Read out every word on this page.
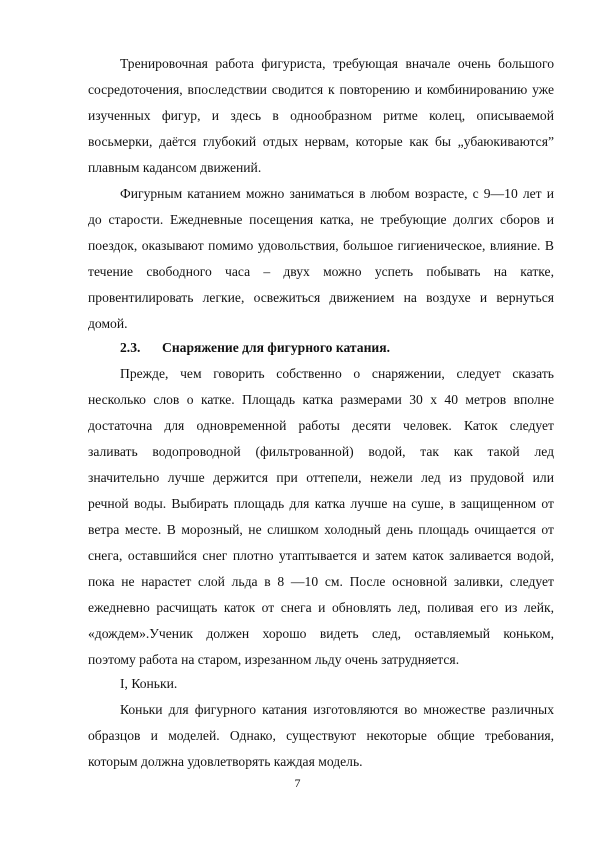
Тренировочная работа фигуриста, требующая вначале очень большого
сосредоточения, впоследствии сводится к повторению и комбинированию уже
изученных фигур, и здесь в однообразном ритме колец, описываемой
восьмерки, даётся глубокий отдых нервам, которые как бы „убаюкиваются”
плавным кадансом движений.
Фигурным катанием можно заниматься в любом возрасте, с 9—10 лет и
до старости. Ежедневные посещения катка, не требующие долгих сборов и
поездок, оказывают помимо удовольствия, большое гигиеническое, влияние. В
течение свободного часа – двух можно успеть побывать на катке,
провентилировать легкие, освежиться движением на воздухе и вернуться
домой.
2.3. Снаряжение для фигурного катания.
Прежде, чем говорить собственно о снаряжении, следует сказать
несколько слов о катке. Площадь катка размерами 30 х 40 метров вполне
достаточна для одновременной работы десяти человек. Каток следует
заливать водопроводной (фильтрованной) водой, так как такой лед
значительно лучше держится при оттепели, нежели лед из прудовой или
речной воды. Выбирать площадь для катка лучше на суше, в защищенном от
ветра месте. В морозный, не слишком холодный день площадь очищается от
снега, оставшийся снег плотно утаптывается и затем каток заливается водой,
пока не нарастет слой льда в 8 —10 см. После основной заливки, следует
ежедневно расчищать каток от снега и обновлять лед, поливая его из лейк,
«дождем».Ученик должен хорошо видеть след, оставляемый коньком,
поэтому работа на старом, изрезанном льду очень затрудняется.
I, Коньки.
Коньки для фигурного катания изготовляются во множестве различных
образцов и моделей. Однако, существуют некоторые общие требования,
которым должна удовлетворять каждая модель.
7
